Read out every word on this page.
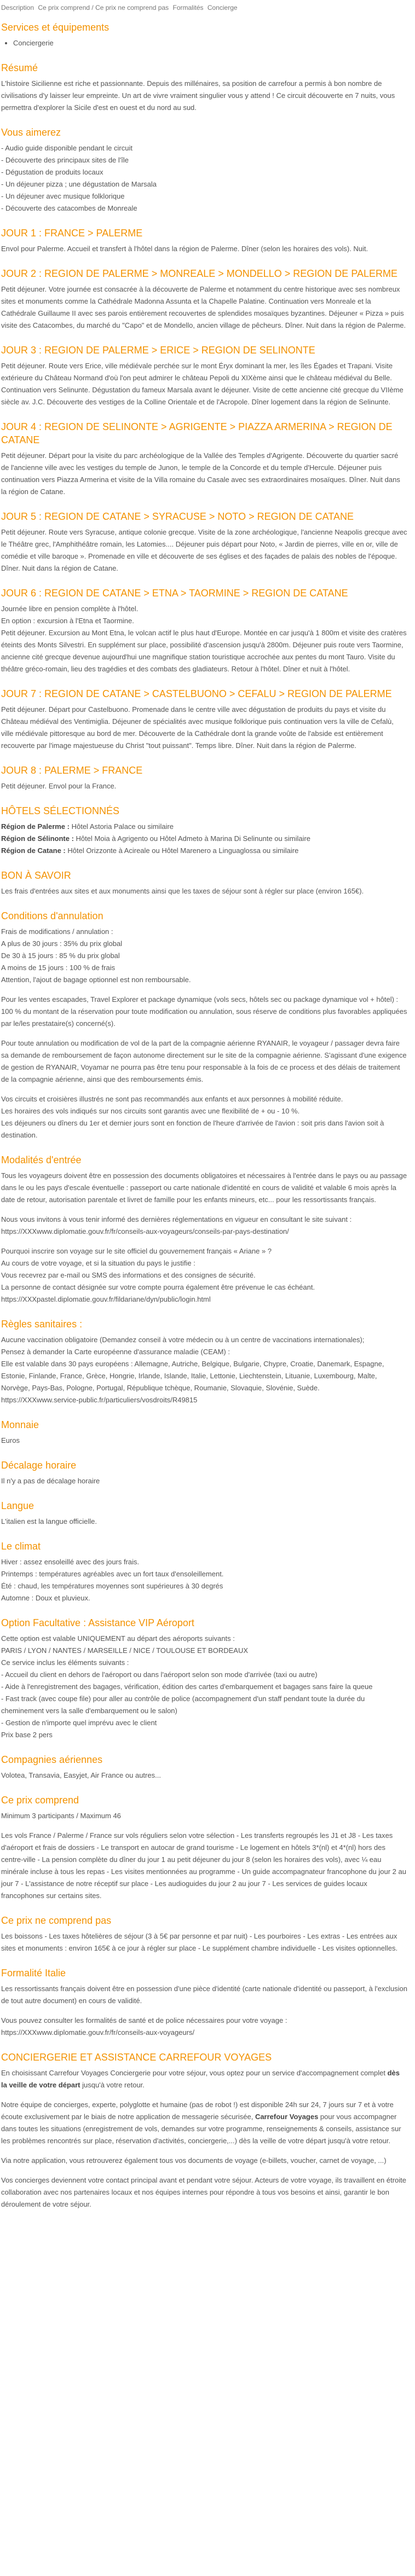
Description Ce prix comprend / Ce prix ne comprend pas Formalités Concierge
Services et équipements
• Conciergerie
Résumé

L'histoire Sicilienne est riche et passionnante. Depuis des millénaires, sa position de carrefour a permis à bon nombre de civilisations d'y laisser leur empreinte. Un art de vivre vraiment singulier vous y attend ! Ce circuit découverte en 7 nuits, vous permettra d'explorer la Sicile d'est en ouest et du nord au sud.

Vous aimerez

- Audio guide disponible pendant le circuit
- Découverte des principaux sites de l'île
- Dégustation de produits locaux
- Un déjeuner pizza ; une dégustation de Marsala
- Un déjeuner avec musique folklorique
- Découverte des catacombes de Monreale

JOUR 1 : FRANCE > PALERME

Envol pour Palerme. Accueil et transfert à l'hôtel dans la région de Palerme. Dîner (selon les horaires des vols). Nuit.

JOUR 2 : REGION DE PALERME > MONREALE > MONDELLO > REGION DE PALERME

Petit déjeuner. Votre journée est consacrée à la découverte de Palerme et notamment du centre historique avec ses nombreux sites et monuments comme la Cathédrale Madonna Assunta et la Chapelle Palatine. Continuation vers Monreale et la Cathédrale Guillaume II avec ses parois entièrement recouvertes de splendides mosaïques byzantines. Déjeuner « Pizza » puis visite des Catacombes, du marché du "Capo" et de Mondello, ancien village de pêcheurs. Dîner. Nuit dans la région de Palerme.

JOUR 3 : REGION DE PALERME > ERICE > REGION DE SELINONTE

Petit déjeuner. Route vers Erice, ville médiévale perchée sur le mont Éryx dominant la mer, les îles Égades et Trapani. Visite extérieure du Château Normand d'où l'on peut admirer le château Pepoli du XIXème ainsi que le château médiéval du Belle. Continuation vers Selinunte. Dégustation du fameux Marsala avant le déjeuner. Visite de cette ancienne cité grecque du VIIème siècle av. J.C. Découverte des vestiges de la Colline Orientale et de l'Acropole. Dîner logement dans la région de Selinunte.

JOUR 4 : REGION DE SELINONTE > AGRIGENTE > PIAZZA ARMERINA > REGION DE CATANE

Petit déjeuner. Départ pour la visite du parc archéologique de la Vallée des Temples d'Agrigente. Découverte du quartier sacré de l'ancienne ville avec les vestiges du temple de Junon, le temple de la Concorde et du temple d'Hercule. Déjeuner puis continuation vers Piazza Armerina et visite de la Villa romaine du Casale avec ses extraordinaires mosaïques. Dîner. Nuit dans la région de Catane.

JOUR 5 : REGION DE CATANE > SYRACUSE > NOTO > REGION DE CATANE

Petit déjeuner. Route vers Syracuse, antique colonie grecque. Visite de la zone archéologique, l'ancienne Neapolis grecque avec le Théâtre grec, l'Amphithéâtre romain, les Latomies.... Déjeuner puis départ pour Noto, « Jardin de pierres, ville en or, ville de comédie et ville baroque ». Promenade en ville et découverte de ses églises et des façades de palais des nobles de l'époque. Dîner. Nuit dans la région de Catane.

JOUR 6 : REGION DE CATANE > ETNA > TAORMINE > REGION DE CATANE

Journée libre en pension complète à l'hôtel.
En option : excursion à l'Etna et Taormine.
Petit déjeuner. Excursion au Mont Etna, le volcan actif le plus haut d'Europe. Montée en car jusqu'à 1 800m et visite des cratères éteints des Monts Silvestri. En supplément sur place, possibilité d'ascension jusqu'à 2800m. Déjeuner puis route vers Taormine, ancienne cité grecque devenue aujourd'hui une magnifique station touristique accrochée aux pentes du mont Tauro. Visite du théâtre gréco-romain, lieu des tragédies et des combats des gladiateurs. Retour à l'hôtel. Dîner et nuit à l'hôtel.

JOUR 7 : REGION DE CATANE > CASTELBUONO > CEFALU > REGION DE PALERME

Petit déjeuner. Départ pour Castelbuono. Promenade dans le centre ville avec dégustation de produits du pays et visite du Château médiéval des Ventimiglia. Déjeuner de spécialités avec musique folklorique puis continuation vers la ville de Cefalù, ville médiévale pittoresque au bord de mer. Découverte de la Cathédrale dont la grande voûte de l'abside est entièrement recouverte par l'image majestueuse du Christ "tout puissant". Temps libre. Dîner. Nuit dans la région de Palerme.

JOUR 8 : PALERME > FRANCE

Petit déjeuner. Envol pour la France.

HÔTELS SÉLECTIONNÉS

Région de Palerme : Hôtel Astoria Palace ou similaire
Région de Sélinonte : Hôtel Moia à Agrigento ou Hôtel Admeto à Marina Di Selinunte ou similaire
Région de Catane : Hôtel Orizzonte à Acireale ou Hôtel Marenero a Linguaglossa ou similaire

BON À SAVOIR

Les frais d'entrées aux sites et aux monuments ainsi que les taxes de séjour sont à régler sur place (environ 165€).

Conditions d'annulation

Frais de modifications / annulation :
A plus de 30 jours : 35% du prix global
De 30 à 15 jours : 85 % du prix global
A moins de 15 jours : 100 % de frais
Attention, l'ajout de bagage optionnel est non remboursable.

Pour les ventes escapades, Travel Explorer et package dynamique (vols secs, hôtels sec ou package dynamique vol + hôtel) : 100 % du montant de la réservation pour toute modification ou annulation, sous réserve de conditions plus favorables appliquées par le/les prestataire(s) concerné(s).

Pour toute annulation ou modification de vol de la part de la compagnie aérienne RYANAIR, le voyageur / passager devra faire sa demande de remboursement de façon autonome directement sur le site de la compagnie aérienne. S'agissant d'une exigence de gestion de RYANAIR, Voyamar ne pourra pas être tenu pour responsable à la fois de ce process et des délais de traitement de la compagnie aérienne, ainsi que des remboursements émis.

Vos circuits et croisières illustrés ne sont pas recommandés aux enfants et aux personnes à mobilité réduite.
Les horaires des vols indiqués sur nos circuits sont garantis avec une flexibilité de + ou - 10 %.
Les déjeuners ou dîners du 1er et dernier jours sont en fonction de l'heure d'arrivée de l'avion : soit pris dans l'avion soit à destination.

Modalités d'entrée

Tous les voyageurs doivent être en possession des documents obligatoires et nécessaires à l'entrée dans le pays ou au passage dans le ou les pays d'escale éventuelle : passeport ou carte nationale d'identité en cours de validité et valable 6 mois après la date de retour, autorisation parentale et livret de famille pour les enfants mineurs, etc... pour les ressortissants français.

Nous vous invitons à vous tenir informé des dernières réglementations en vigueur en consultant le site suivant :
https://XXXwww.diplomatie.gouv.fr/fr/conseils-aux-voyageurs/conseils-par-pays-destination/

Pourquoi inscrire son voyage sur le site officiel du gouvernement français « Ariane » ?
Au cours de votre voyage, et si la situation du pays le justifie :
Vous recevrez par e-mail ou SMS des informations et des consignes de sécurité.
La personne de contact désignée sur votre compte pourra également être prévenue le cas échéant.
https://XXXpastel.diplomatie.gouv.fr/fildariane/dyn/public/login.html

Règles sanitaires :

Aucune vaccination obligatoire (Demandez conseil à votre médecin ou à un centre de vaccinations internationales);
Pensez à demander la Carte européenne d'assurance maladie (CEAM) :
Elle est valable dans 30 pays européens : Allemagne, Autriche, Belgique, Bulgarie, Chypre, Croatie, Danemark, Espagne, Estonie, Finlande, France, Grèce, Hongrie, Irlande, Islande, Italie, Lettonie, Liechtenstein, Lituanie, Luxembourg, Malte, Norvège, Pays-Bas, Pologne, Portugal, République tchèque, Roumanie, Slovaquie, Slovénie, Suède.
https://XXXwww.service-public.fr/particuliers/vosdroits/R49815

Monnaie

Euros

Décalage horaire

Il n'y a pas de décalage horaire

Langue

L'italien est la langue officielle.

Le climat

Hiver : assez ensoleillé avec des jours frais.
Printemps : températures agréables avec un fort taux d'ensoleillement.
Été : chaud, les températures moyennes sont supérieures à 30 degrés
Automne : Doux et pluvieux.

Option Facultative : Assistance VIP Aéroport

Cette option est valable UNIQUEMENT au départ des aéroports suivants :
PARIS / LYON / NANTES / MARSEILLE / NICE / TOULOUSE ET BORDEAUX
Ce service inclus les éléments suivants :
- Accueil du client en dehors de l'aéroport ou dans l'aéroport selon son mode d'arrivée (taxi ou autre)
- Aide à l'enregistrement des bagages, vérification, édition des cartes d'embarquement et bagages sans faire la queue
- Fast track (avec coupe file) pour aller au contrôle de police (accompagnement d'un staff pendant toute la durée du cheminement vers la salle d'embarquement ou le salon)
- Gestion de n'importe quel imprévu avec le client
Prix base 2 pers

Compagnies aériennes

Volotea, Transavia, Easyjet, Air France ou autres...

Ce prix comprend

Minimum 3 participants / Maximum 46

Les vols France / Palerme / France sur vols réguliers selon votre sélection - Les transferts regroupés les J1 et J8 - Les taxes d'aéroport et frais de dossiers - Le transport en autocar de grand tourisme - Le logement en hôtels 3*(nl) et 4*(nl) hors des centre-ville - La pension complète du dîner du jour 1 au petit déjeuner du jour 8 (selon les horaires des vols), avec ¼ eau minérale incluse à tous les repas - Les visites mentionnées au programme - Un guide accompagnateur francophone du jour 2 au jour 7 - L'assistance de notre réceptif sur place - Les audioguides du jour 2 au jour 7 - Les services de guides locaux francophones sur certains sites.

Ce prix ne comprend pas

Les boissons - Les taxes hôtelières de séjour (3 à 5€ par personne et par nuit) - Les pourboires - Les extras - Les entrées aux sites et monuments : environ 165€ à ce jour à régler sur place - Le supplément chambre individuelle - Les visites optionnelles.

Formalité Italie

Les ressortissants français doivent être en possession d'une pièce d'identité (carte nationale d'identité ou passeport, à l'exclusion de tout autre document) en cours de validité.

Vous pouvez consulter les formalités de santé et de police nécessaires pour votre voyage :
https://XXXwww.diplomatie.gouv.fr/fr/conseils-aux-voyageurs/

CONCIERGERIE ET ASSISTANCE CARREFOUR VOYAGES

En choisissant Carrefour Voyages Conciergerie pour votre séjour, vous optez pour un service d'accompagnement complet dès la veille de votre départ jusqu'à votre retour.

Notre équipe de concierges, experte, polyglotte et humaine (pas de robot !) est disponible 24h sur 24, 7 jours sur 7 et à votre écoute exclusivement par le biais de notre application de messagerie sécurisée, Carrefour Voyages pour vous accompagner dans toutes les situations (enregistrement de vols, demandes sur votre programme, renseignements & conseils, assistance sur les problèmes rencontrés sur place, réservation d'activités, conciergerie,...) dès la veille de votre départ jusqu'à votre retour.

Via notre application, vous retrouverez également tous vos documents de voyage (e-billets, voucher, carnet de voyage, ...)

Vos concierges deviennent votre contact principal avant et pendant votre séjour. Acteurs de votre voyage, ils travaillent en étroite collaboration avec nos partenaires locaux et nos équipes internes pour répondre à tous vos besoins et ainsi, garantir le bon déroulement de votre séjour.
